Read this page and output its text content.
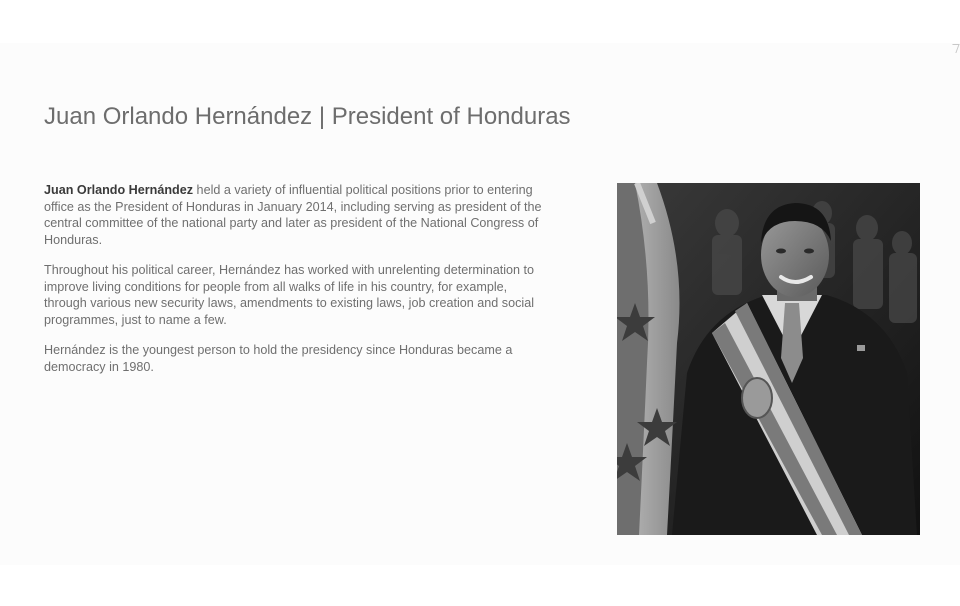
Juan Orlando Hernández | President of Honduras

Juan Orlando Hernández held a variety of influential political positions prior to entering office as the President of Honduras in January 2014, including serving as president of the central committee of the national party and later as president of the National Congress of Honduras.

Throughout his political career, Hernández has worked with unrelenting determination to improve living conditions for people from all walks of life in his country, for example, through various new security laws, amendments to existing laws, job creation and social programmes, just to name a few.

Hernández is the youngest person to hold the presidency since Honduras became a democracy in 1980.
